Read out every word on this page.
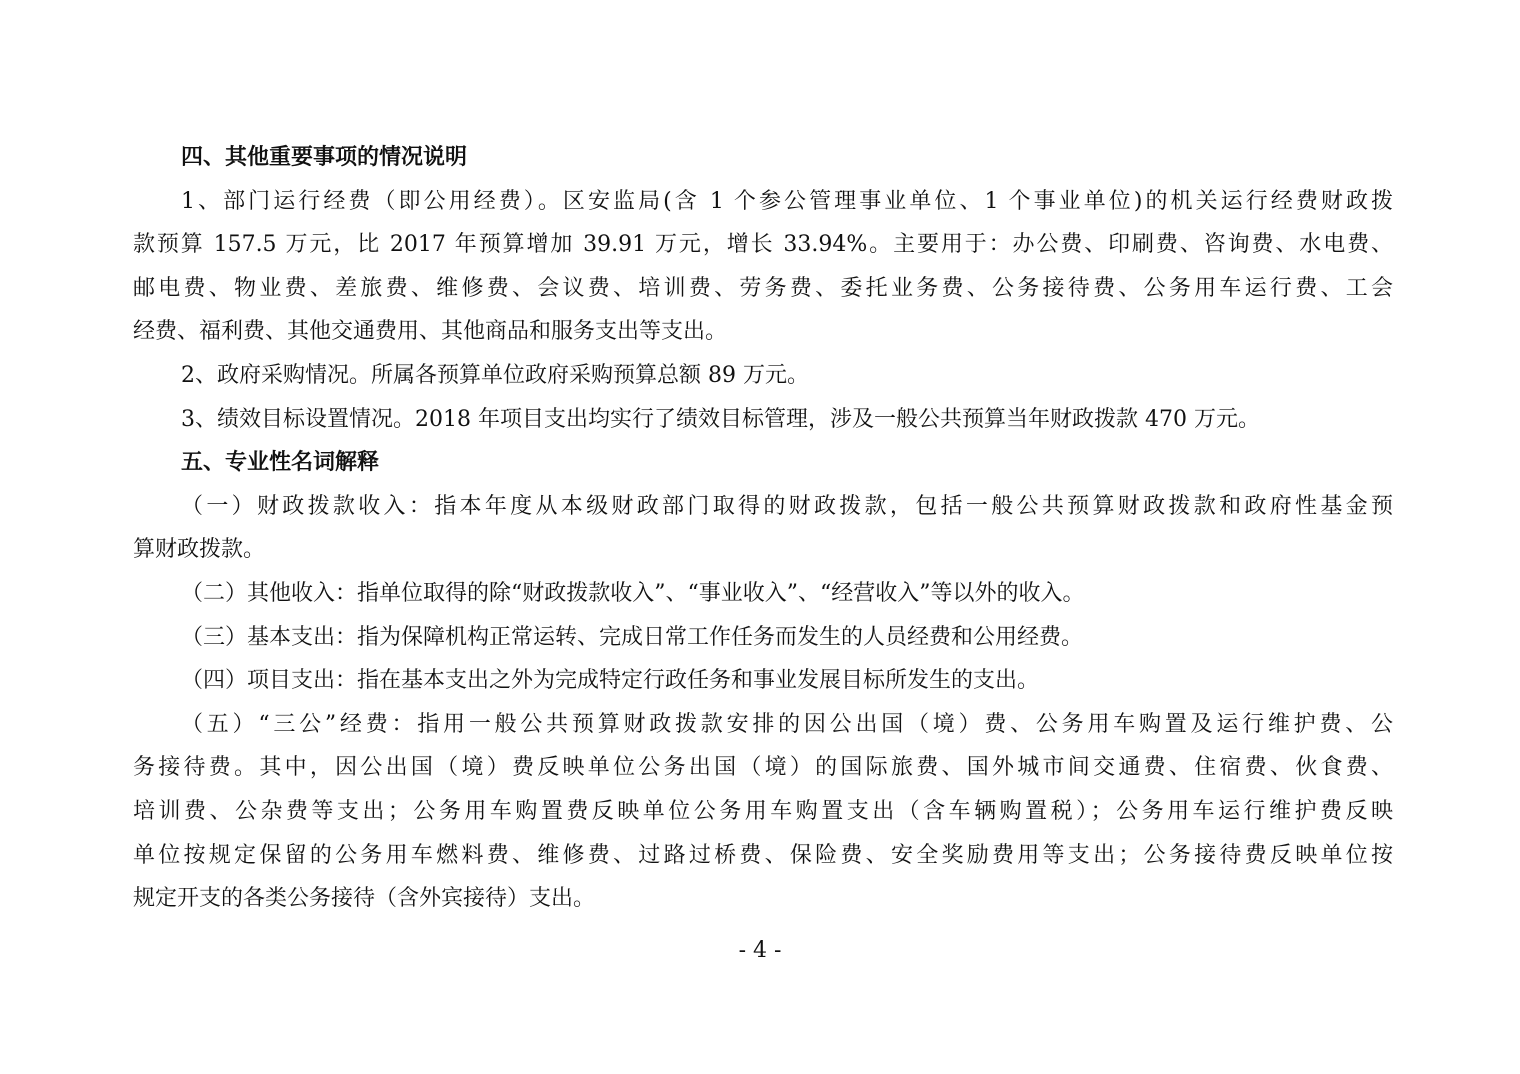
四、其他重要事项的情况说明
1、部门运行经费（即公用经费）。区安监局(含 1 个参公管理事业单位、1 个事业单位)的机关运行经费财政拨
款预算 157.5 万元，比 2017 年预算增加 39.91 万元，增长 33.94%。主要用于：办公费、印刷费、咨询费、水电费、
邮电费、物业费、差旅费、维修费、会议费、培训费、劳务费、委托业务费、公务接待费、公务用车运行费、工会
经费、福利费、其他交通费用、其他商品和服务支出等支出。
2、政府采购情况。所属各预算单位政府采购预算总额 89 万元。
3、绩效目标设置情况。2018 年项目支出均实行了绩效目标管理，涉及一般公共预算当年财政拨款 470 万元。
五、专业性名词解释
（一）财政拨款收入：指本年度从本级财政部门取得的财政拨款，包括一般公共预算财政拨款和政府性基金预
算财政拨款。
（二）其他收入：指单位取得的除“财政拨款收入”、“事业收入”、“经营收入”等以外的收入。
（三）基本支出：指为保障机构正常运转、完成日常工作任务而发生的人员经费和公用经费。
（四）项目支出：指在基本支出之外为完成特定行政任务和事业发展目标所发生的支出。
（五）“三公”经费：指用一般公共预算财政拨款安排的因公出国（境）费、公务用车购置及运行维护费、公
务接待费。其中，因公出国（境）费反映单位公务出国（境）的国际旅费、国外城市间交通费、住宿费、伙食费、
培训费、公杂费等支出；公务用车购置费反映单位公务用车购置支出（含车辆购置税）；公务用车运行维护费反映
单位按规定保留的公务用车燃料费、维修费、过路过桥费、保险费、安全奖励费用等支出；公务接待费反映单位按
规定开支的各类公务接待（含外宾接待）支出。
- 4 -
